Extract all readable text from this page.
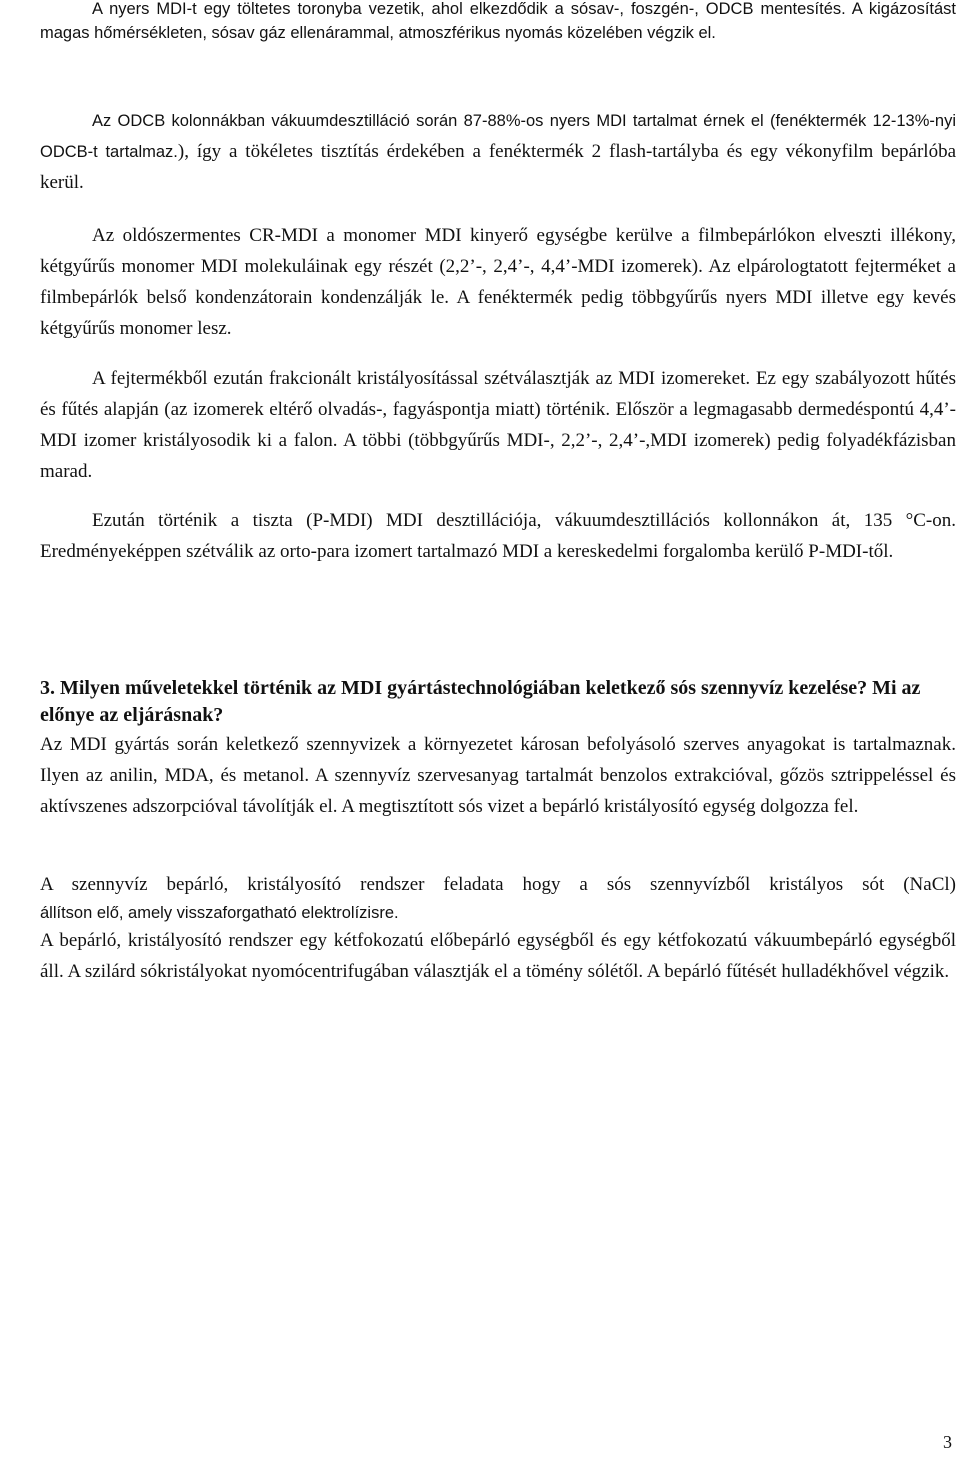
A nyers MDI-t egy töltetes toronyba vezetik, ahol elkezdődik a sósav-, foszgén-, ODCB mentesítés. A kigázosítást magas hőmérsékleten, sósav gáz ellenárammal, atmoszférikus nyomás közelében végzik el.

Az ODCB kolonnákban vákuumdesztilláció során 87-88%-os nyers MDI tartalmat érnek el (fenéktermék 12-13%-nyi ODCB-t tartalmaz.), így a tökéletes tisztítás érdekében a fenéktermék 2 flash-tartályba és egy vékonyfilm bepárlóba kerül.

Az oldószermentes CR-MDI a monomer MDI kinyerő egységbe kerülve a filmbepárlókon elveszti illékony, kétgyűrűs monomer MDI molekuláinak egy részét (2,2’-, 2,4’-, 4,4’-MDI izomerek). Az elpárologtatott fejterméket a filmbepárlók belső kondenzátorain kondenzálják le. A fenéktermék pedig többgyűrűs nyers MDI illetve egy kevés kétgyűrűs monomer lesz.

A fejtermékből ezután frakcionált kristályosítással szétválasztják az MDI izomereket. Ez egy szabályozott hűtés és fűtés alapján (az izomerek eltérő olvadás-, fagyáspontja miatt) történik. Először a legmagasabb dermedéspontú 4,4’-MDI izomer kristályosodik ki a falon. A többi (többgyűrűs MDI-, 2,2’-, 2,4’-,MDI izomerek) pedig folyadékfázisban marad.

Ezután történik a tiszta (P-MDI) MDI desztillációja, vákuumdesztillációs kollonnákon át, 135 °C-on. Eredményeképpen szétválik az orto-para izomert tartalmazó MDI a kereskedelmi forgalomba kerülő P-MDI-től.

3. Milyen műveletekkel történik az MDI gyártástechnológiában keletkező sós szennyvíz kezelése? Mi az előnye az eljárásnak?

Az MDI gyártás során keletkező szennyvizek a környezetet károsan befolyásoló szerves anyagokat is tartalmaznak. Ilyen az anilin, MDA, és metanol. A szennyvíz szervesanyag tartalmát benzolos extrakcióval, gőzös sztrippeléssel és aktívszenes adszorpcióval távolítják el. A megtisztított sós vizet a bepárló kristályosító egység dolgozza fel.

A szennyvíz bepárló, kristályosító rendszer feladata hogy a sós szennyvízből kristályos sót (NaCl)

állítson elő, amely visszaforgatható elektrolízisre.

A bepárló, kristályosító rendszer egy kétfokozatú előbepárló egységből és egy kétfokozatú vákuumbepárló egységből áll. A szilárd sókristályokat nyomócentrifugában választják el a tömény sólétől. A bepárló fűtését hulladékhővel végzik.

3
